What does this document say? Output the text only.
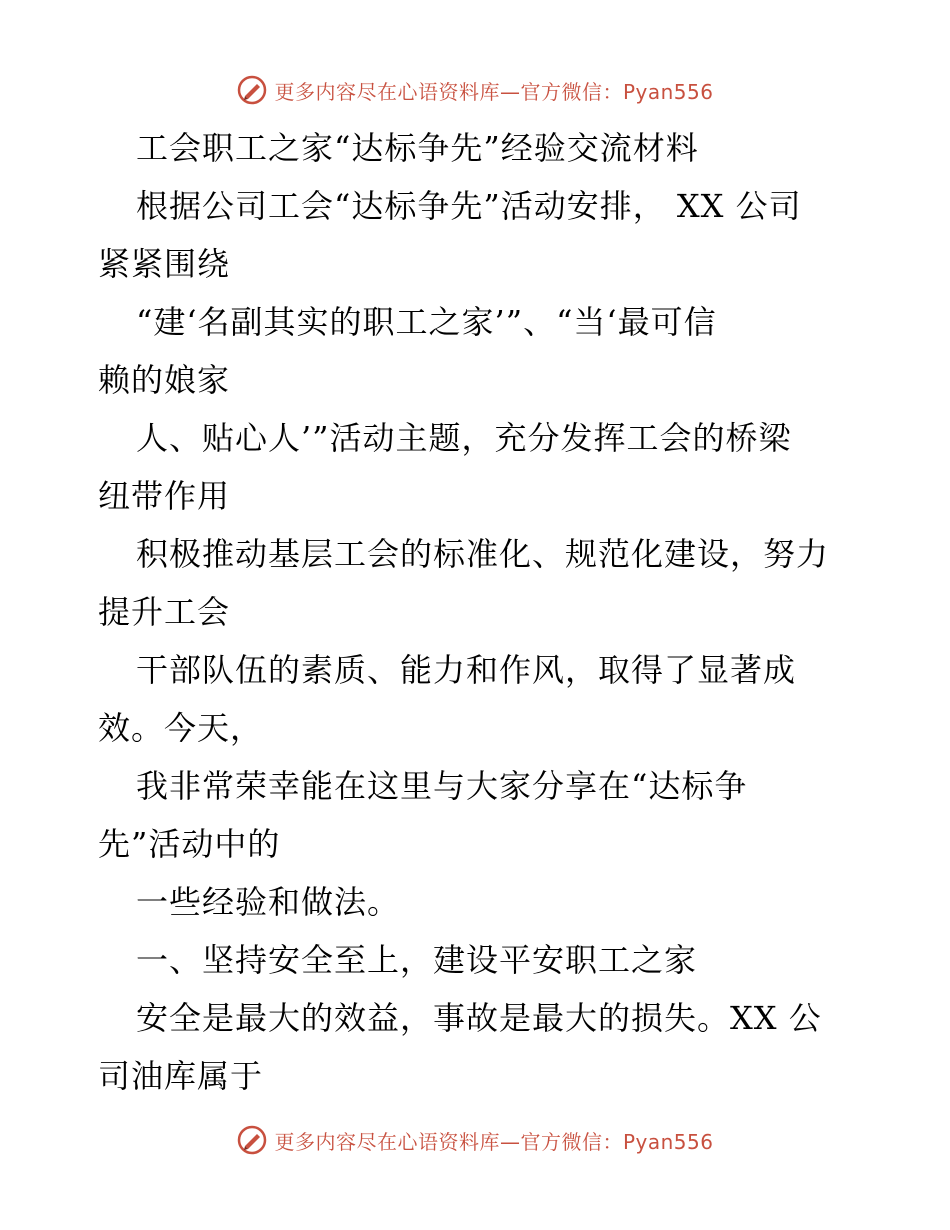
更多内容尽在心语资料库—官方微信：Pyan556
工会职工之家“达标争先”经验交流材料
根据公司工会“达标争先”活动安排， XX 公司
紧紧围绕
“建‘名副其实的职工之家’”、“当‘最可信
赖的娘家
人、贴心人’”活动主题，充分发挥工会的桥梁
纽带作用
积极推动基层工会的标准化、规范化建设，努力
提升工会
干部队伍的素质、能力和作风，取得了显著成
效。今天，
我非常荣幸能在这里与大家分享在“达标争
先”活动中的
一些经验和做法。
一、坚持安全至上，建设平安职工之家
安全是最大的效益，事故是最大的损失。XX 公
司油库属于
更多内容尽在心语资料库—官方微信：Pyan556
